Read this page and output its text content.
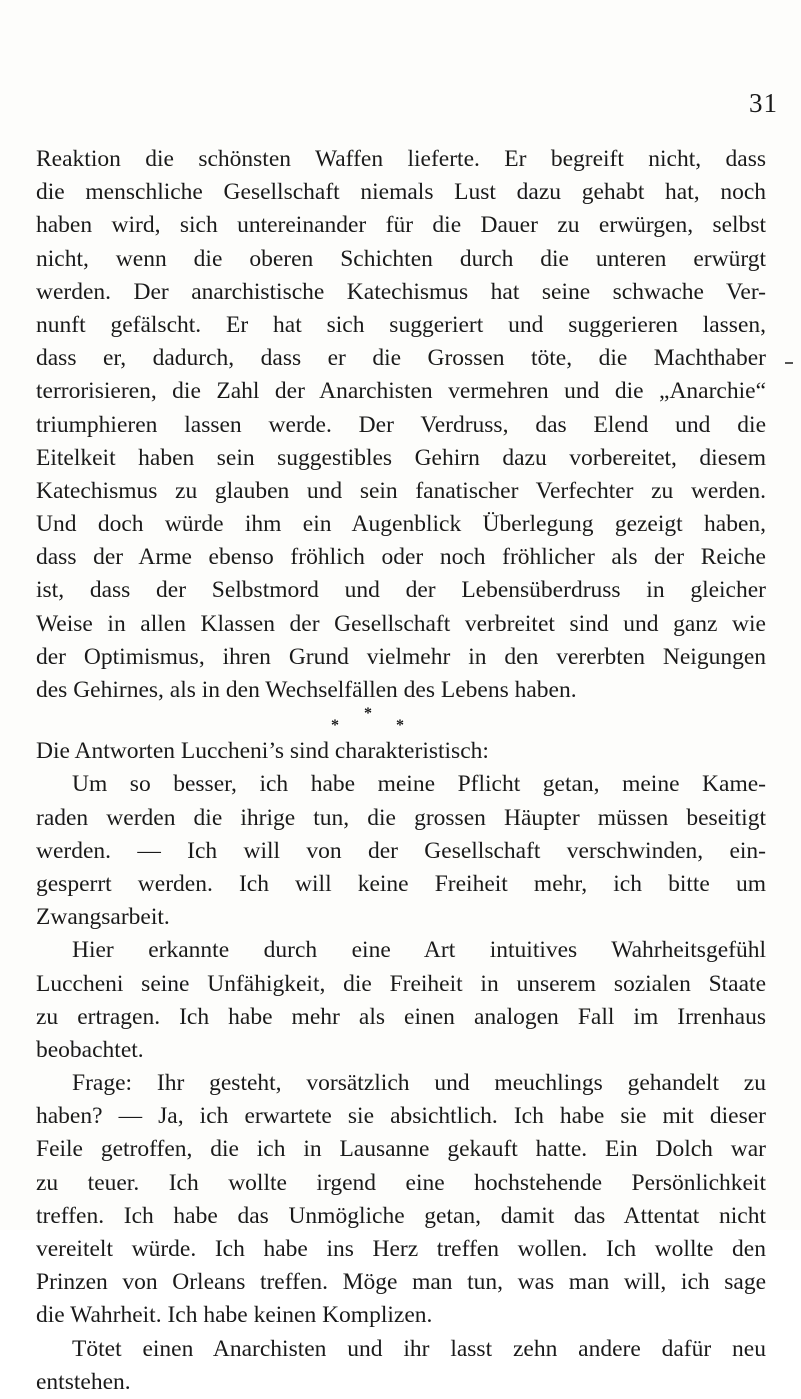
31
Reaktion die schönsten Waffen lieferte. Er begreift nicht, dass
die menschliche Gesellschaft niemals Lust dazu gehabt hat, noch
haben wird, sich untereinander für die Dauer zu erwürgen, selbst
nicht, wenn die oberen Schichten durch die unteren erwürgt
werden. Der anarchistische Katechismus hat seine schwache Ver-
nunft gefälscht. Er hat sich suggeriert und suggerieren lassen,
dass er, dadurch, dass er die Grossen töte, die Machthaber
terrorisieren, die Zahl der Anarchisten vermehren und die „Anarchie“
triumphieren lassen werde. Der Verdruss, das Elend und die
Eitelkeit haben sein suggestibles Gehirn dazu vorbereitet, diesem
Katechismus zu glauben und sein fanatischer Verfechter zu werden.
Und doch würde ihm ein Augenblick Überlegung gezeigt haben,
dass der Arme ebenso fröhlich oder noch fröhlicher als der Reiche
ist, dass der Selbstmord und der Lebensüberdruss in gleicher
Weise in allen Klassen der Gesellschaft verbreitet sind und ganz wie
der Optimismus, ihren Grund vielmehr in den vererbten Neigungen
des Gehirnes, als in den Wechselfällen des Lebens haben.
*
*	*
Die Antworten Luccheni’s sind charakteristisch:
Um so besser, ich habe meine Pflicht getan, meine Kame-
raden werden die ihrige tun, die grossen Häupter müssen beseitigt
werden. — Ich will von der Gesellschaft verschwinden, ein-
gesperrt werden. Ich will keine Freiheit mehr, ich bitte um
Zwangsarbeit.
Hier erkannte durch eine Art intuitives Wahrheitsgefühl
Luccheni seine Unfähigkeit, die Freiheit in unserem sozialen Staate
zu ertragen. Ich habe mehr als einen analogen Fall im Irrenhaus
beobachtet.
Frage: Ihr gesteht, vorsätzlich und meuchlings gehandelt zu
haben? — Ja, ich erwartete sie absichtlich. Ich habe sie mit dieser
Feile getroffen, die ich in Lausanne gekauft hatte. Ein Dolch war
zu teuer. Ich wollte irgend eine hochstehende Persönlichkeit
treffen. Ich habe das Unmögliche getan, damit das Attentat nicht
vereitelt würde. Ich habe ins Herz treffen wollen. Ich wollte den
Prinzen von Orleans treffen. Möge man tun, was man will, ich sage
die Wahrheit. Ich habe keinen Komplizen.
Tötet einen Anarchisten und ihr lasst zehn andere dafür neu
entstehen.
